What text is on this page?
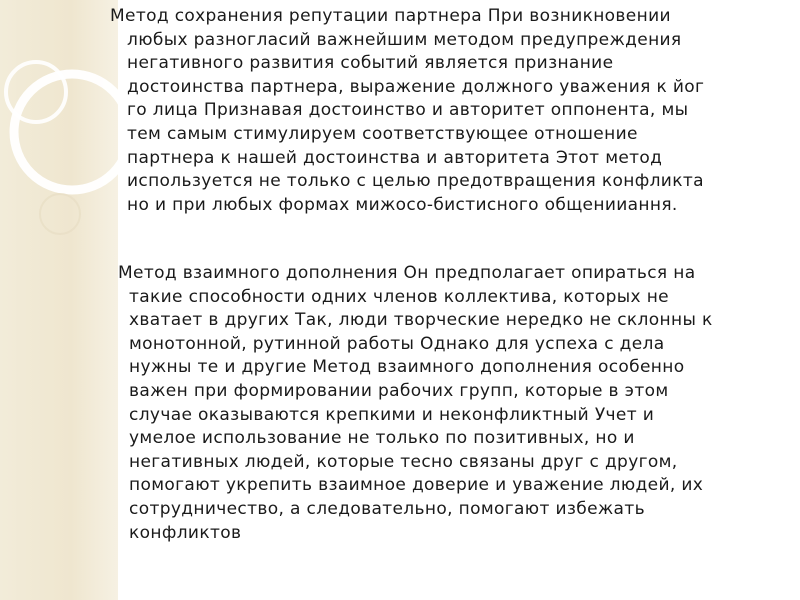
Метод сохранения репутации партнера При возникновении
любых разногласий важнейшим методом предупреждения
негативного развития событий является признание
достоинства партнера, выражение должного уважения к йог
го лица Признавая достоинство и авторитет оппонента, мы
тем самым стимулируем соответствующее отношение
партнера к нашей достоинства и авторитета Этот метод
используется не только с целью предотвращения конфликта
но и при любых формах мижосо-бистисного общенииання.
Метод взаимного дополнения Он предполагает опираться на
такие способности одних членов коллектива, которых не
хватает в других Так, люди творческие нередко не склонны к
монотонной, рутинной работы Однако для успеха с дела
нужны те и другие Метод взаимного дополнения особенно
важен при формировании рабочих групп, которые в этом
случае оказываются крепкими и неконфликтный Учет и
умелое использование не только по позитивных, но и
негативных людей, которые тесно связаны друг с другом,
помогают укрепить взаимное доверие и уважение людей, их
сотрудничество, а следовательно, помогают избежать
конфликтов
